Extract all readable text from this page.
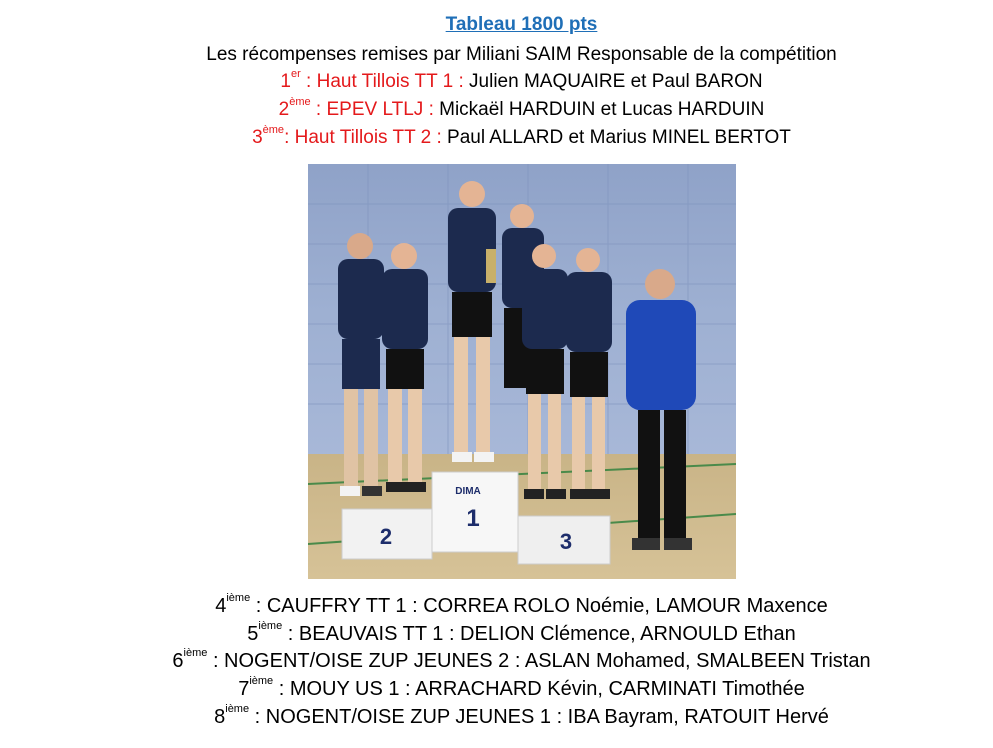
Tableau 1800 pts
Les récompenses remises par Miliani SAIM Responsable de la compétition
1er : Haut Tillois TT 1 : Julien MAQUAIRE et Paul BARON
2ème : EPEV LTLJ : Mickaël HARDUIN et Lucas HARDUIN
3ème: Haut Tillois TT 2 : Paul ALLARD et Marius MINEL BERTOT
2
1
3
DIMA
4ième : CAUFFRY TT 1 : CORREA ROLO Noémie, LAMOUR Maxence
5ième : BEAUVAIS TT 1 : DELION Clémence, ARNOULD Ethan
6ième : NOGENT/OISE ZUP JEUNES 2 : ASLAN Mohamed, SMALBEEN Tristan
7ième : MOUY US 1 : ARRACHARD Kévin, CARMINATI Timothée
8ième : NOGENT/OISE ZUP JEUNES 1 : IBA Bayram, RATOUIT Hervé
